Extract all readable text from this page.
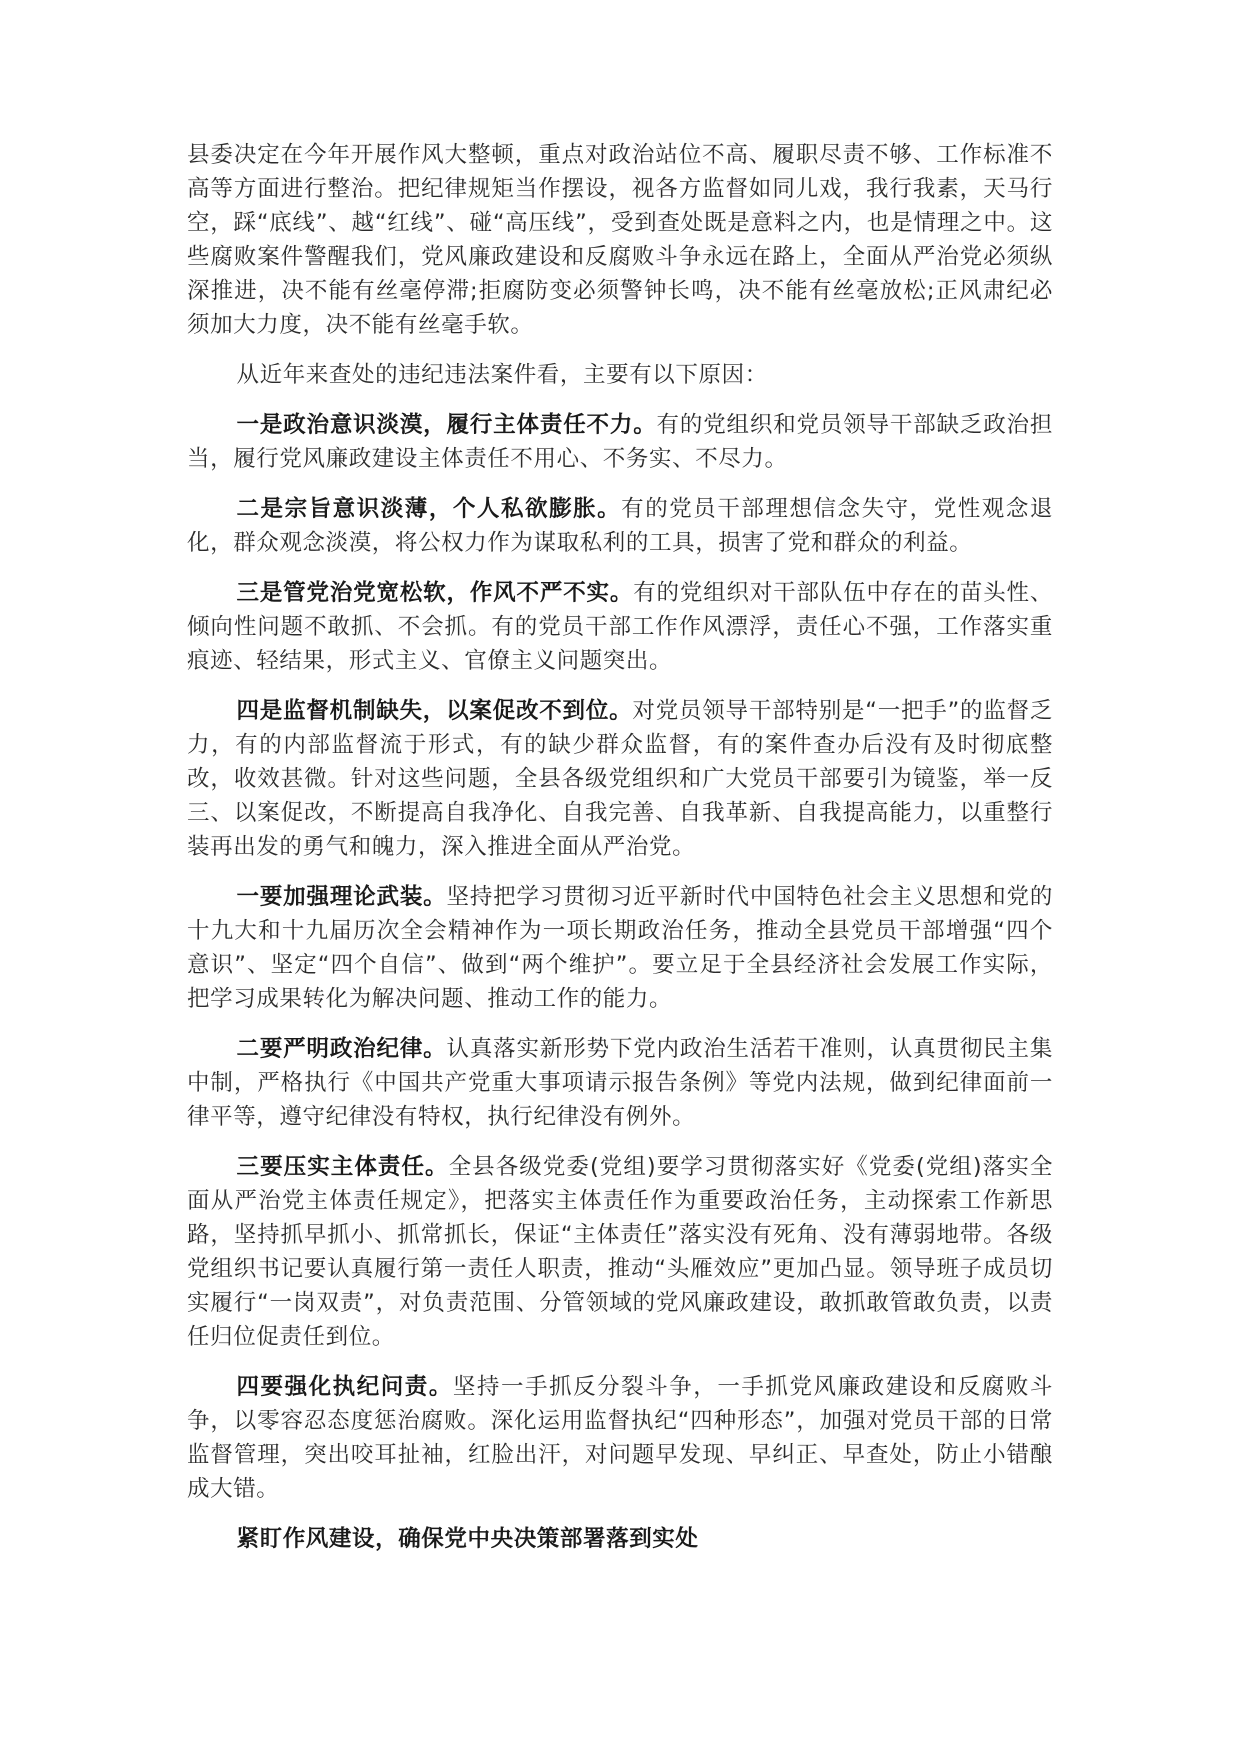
县委决定在今年开展作风大整顿，重点对政治站位不高、履职尽责不够、工作标准不高等方面进行整治。把纪律规矩当作摆设，视各方监督如同儿戏，我行我素，天马行空，踩“底线”、越“红线”、碰“高压线”，受到查处既是意料之内，也是情理之中。这些腐败案件警醒我们，党风廉政建设和反腐败斗争永远在路上，全面从严治党必须纵深推进，决不能有丝毫停滞;拒腐防变必须警钟长鸣，决不能有丝毫放松;正风肃纪必须加大力度，决不能有丝毫手软。

从近年来查处的违纪违法案件看，主要有以下原因：

一是政治意识淡漠，履行主体责任不力。有的党组织和党员领导干部缺乏政治担当，履行党风廉政建设主体责任不用心、不务实、不尽力。

二是宗旨意识淡薄，个人私欲膨胀。有的党员干部理想信念失守，党性观念退化，群众观念淡漠，将公权力作为谋取私利的工具，损害了党和群众的利益。

三是管党治党宽松软，作风不严不实。有的党组织对干部队伍中存在的苗头性、倾向性问题不敢抓、不会抓。有的党员干部工作作风漂浮，责任心不强，工作落实重痕迹、轻结果，形式主义、官僚主义问题突出。

四是监督机制缺失，以案促改不到位。对党员领导干部特别是“一把手”的监督乏力，有的内部监督流于形式，有的缺少群众监督，有的案件查办后没有及时彻底整改，收效甚微。针对这些问题，全县各级党组织和广大党员干部要引为镜鉴，举一反三、以案促改，不断提高自我净化、自我完善、自我革新、自我提高能力，以重整行装再出发的勇气和魄力，深入推进全面从严治党。

一要加强理论武装。坚持把学习贯彻习近平新时代中国特色社会主义思想和党的十九大和十九届历次全会精神作为一项长期政治任务，推动全县党员干部增强“四个意识”、坚定“四个自信”、做到“两个维护”。要立足于全县经济社会发展工作实际，把学习成果转化为解决问题、推动工作的能力。

二要严明政治纪律。认真落实新形势下党内政治生活若干准则，认真贯彻民主集中制，严格执行《中国共产党重大事项请示报告条例》等党内法规，做到纪律面前一律平等，遵守纪律没有特权，执行纪律没有例外。

三要压实主体责任。全县各级党委(党组)要学习贯彻落实好《党委(党组)落实全面从严治党主体责任规定》，把落实主体责任作为重要政治任务，主动探索工作新思路，坚持抓早抓小、抓常抓长，保证“主体责任”落实没有死角、没有薄弱地带。各级党组织书记要认真履行第一责任人职责，推动“头雁效应”更加凸显。领导班子成员切实履行“一岗双责”，对负责范围、分管领域的党风廉政建设，敢抓敢管敢负责，以责任归位促责任到位。

四要强化执纪问责。坚持一手抓反分裂斗争，一手抓党风廉政建设和反腐败斗争，以零容忍态度惩治腐败。深化运用监督执纪“四种形态”，加强对党员干部的日常监督管理，突出咬耳扯袖，红脸出汗，对问题早发现、早纠正、早查处，防止小错酿成大错。

紧盯作风建设，确保党中央决策部署落到实处
